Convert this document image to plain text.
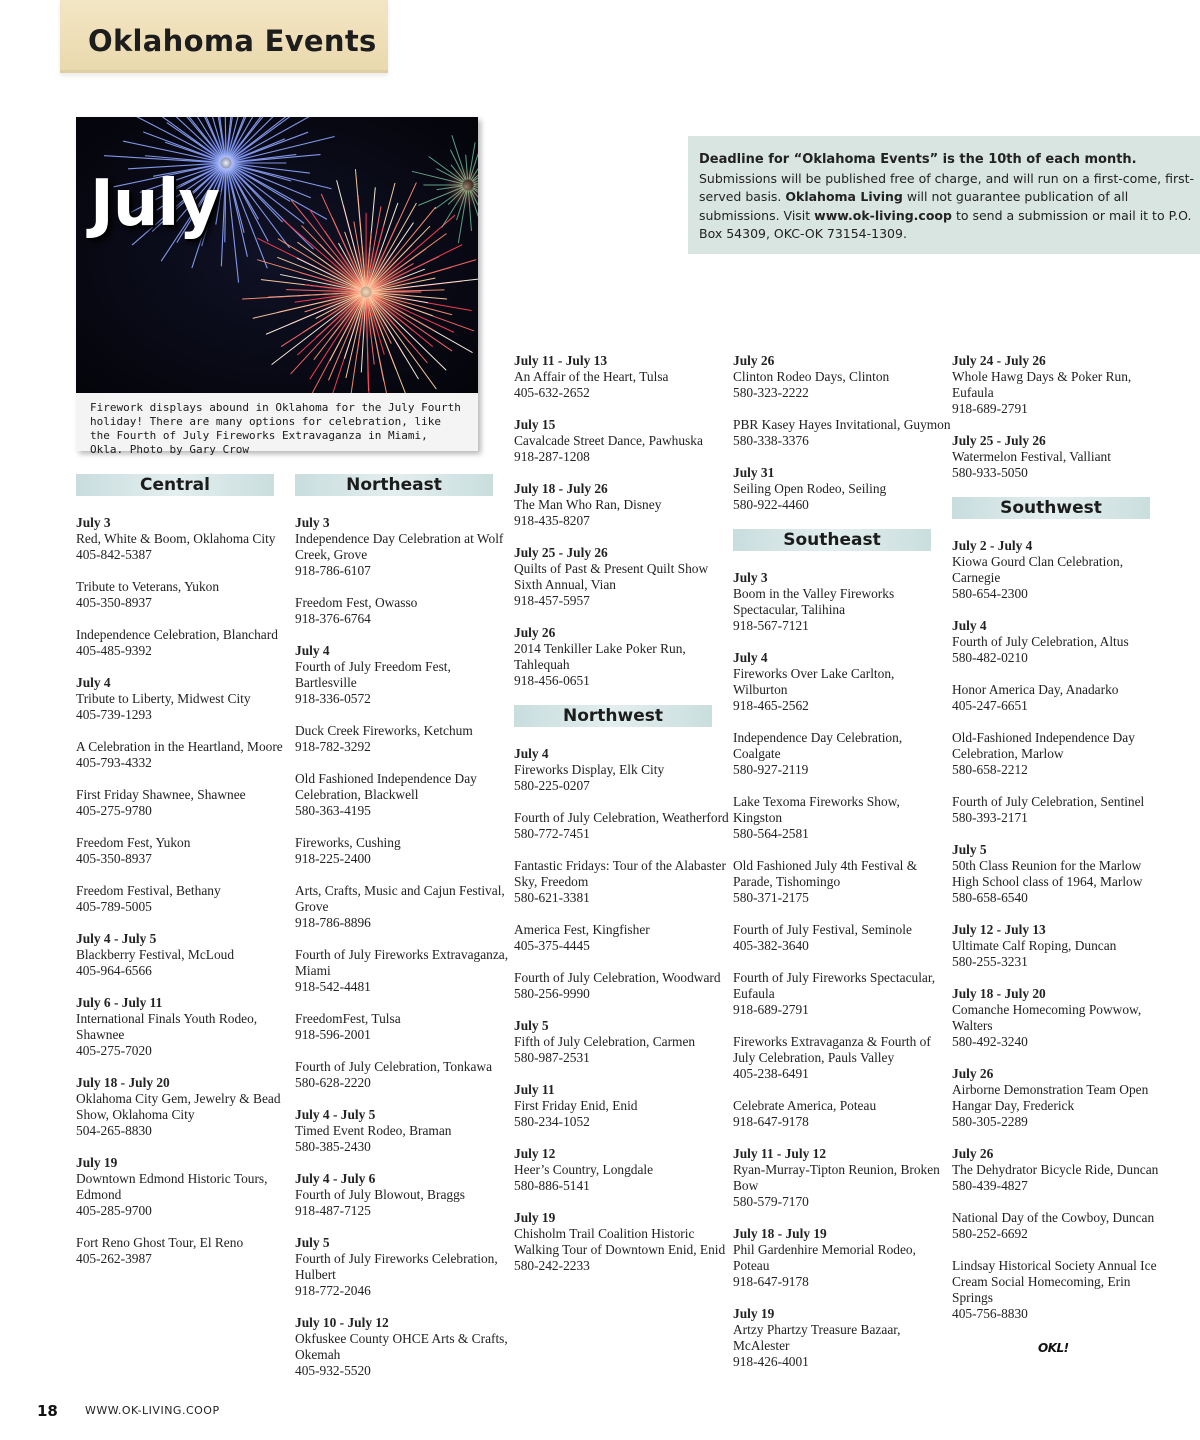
Oklahoma Events
July
Firework displays abound in Oklahoma for the July Fourth holiday! There are many options for celebration, like the Fourth of July Fireworks Extravaganza in Miami, Okla. Photo by Gary Crow
Deadline for “Oklahoma Events” is the 10th of each month.
Submissions will be published free of charge, and will run on a first-come, first-served basis. Oklahoma Living will not guarantee publication of all submissions. Visit www.ok-living.coop to send a submission or mail it to P.O. Box 54309, OKC-OK 73154-1309.
Central
July 3
Red, White & Boom, Oklahoma City
405-842-5387
Tribute to Veterans, Yukon
405-350-8937
Independence Celebration, Blanchard
405-485-9392
July 4
Tribute to Liberty, Midwest City
405-739-1293
A Celebration in the Heartland, Moore
405-793-4332
First Friday Shawnee, Shawnee
405-275-9780
Freedom Fest, Yukon
405-350-8937
Freedom Festival, Bethany
405-789-5005
July 4 - July 5
Blackberry Festival, McLoud
405-964-6566
July 6 - July 11
International Finals Youth Rodeo, Shawnee
405-275-7020
July 18 - July 20
Oklahoma City Gem, Jewelry & Bead Show, Oklahoma City
504-265-8830
July 19
Downtown Edmond Historic Tours, Edmond
405-285-9700
Fort Reno Ghost Tour, El Reno
405-262-3987
Northeast
July 3
Independence Day Celebration at Wolf Creek, Grove
918-786-6107
Freedom Fest, Owasso
918-376-6764
July 4
Fourth of July Freedom Fest, Bartlesville
918-336-0572
Duck Creek Fireworks, Ketchum
918-782-3292
Old Fashioned Independence Day Celebration, Blackwell
580-363-4195
Fireworks, Cushing
918-225-2400
Arts, Crafts, Music and Cajun Festival, Grove
918-786-8896
Fourth of July Fireworks Extravaganza, Miami
918-542-4481
FreedomFest, Tulsa
918-596-2001
Fourth of July Celebration, Tonkawa
580-628-2220
July 4 - July 5
Timed Event Rodeo, Braman
580-385-2430
July 4 - July 6
Fourth of July Blowout, Braggs
918-487-7125
July 5
Fourth of July Fireworks Celebration, Hulbert
918-772-2046
July 10 - July 12
Okfuskee County OHCE Arts & Crafts, Okemah
405-932-5520
July 11 - July 13
An Affair of the Heart, Tulsa
405-632-2652
July 15
Cavalcade Street Dance, Pawhuska
918-287-1208
July 18 - July 26
The Man Who Ran, Disney
918-435-8207
July 25 - July 26
Quilts of Past & Present Quilt Show Sixth Annual, Vian
918-457-5957
July 26
2014 Tenkiller Lake Poker Run, Tahlequah
918-456-0651
Northwest
July 4
Fireworks Display, Elk City
580-225-0207
Fourth of July Celebration, Weatherford
580-772-7451
Fantastic Fridays: Tour of the Alabaster Sky, Freedom
580-621-3381
America Fest, Kingfisher
405-375-4445
Fourth of July Celebration, Woodward
580-256-9990
July 5
Fifth of July Celebration, Carmen
580-987-2531
July 11
First Friday Enid, Enid
580-234-1052
July 12
Heer’s Country, Longdale
580-886-5141
July 19
Chisholm Trail Coalition Historic Walking Tour of Downtown Enid, Enid
580-242-2233
July 26
Clinton Rodeo Days, Clinton
580-323-2222
PBR Kasey Hayes Invitational, Guymon
580-338-3376
July 31
Seiling Open Rodeo, Seiling
580-922-4460
Southeast
July 3
Boom in the Valley Fireworks Spectacular, Talihina
918-567-7121
July 4
Fireworks Over Lake Carlton, Wilburton
918-465-2562
Independence Day Celebration, Coalgate
580-927-2119
Lake Texoma Fireworks Show, Kingston
580-564-2581
Old Fashioned July 4th Festival & Parade, Tishomingo
580-371-2175
Fourth of July Festival, Seminole
405-382-3640
Fourth of July Fireworks Spectacular, Eufaula
918-689-2791
Fireworks Extravaganza & Fourth of July Celebration, Pauls Valley
405-238-6491
Celebrate America, Poteau
918-647-9178
July 11 - July 12
Ryan-Murray-Tipton Reunion, Broken Bow
580-579-7170
July 18 - July 19
Phil Gardenhire Memorial Rodeo, Poteau
918-647-9178
July 19
Artzy Phartzy Treasure Bazaar, McAlester
918-426-4001
July 24 - July 26
Whole Hawg Days & Poker Run, Eufaula
918-689-2791
July 25 - July 26
Watermelon Festival, Valliant
580-933-5050
Southwest
July 2 - July 4
Kiowa Gourd Clan Celebration, Carnegie
580-654-2300
July 4
Fourth of July Celebration, Altus
580-482-0210
Honor America Day, Anadarko
405-247-6651
Old-Fashioned Independence Day Celebration, Marlow
580-658-2212
Fourth of July Celebration, Sentinel
580-393-2171
July 5
50th Class Reunion for the Marlow High School class of 1964, Marlow
580-658-6540
July 12 - July 13
Ultimate Calf Roping, Duncan
580-255-3231
July 18 - July 20
Comanche Homecoming Powwow, Walters
580-492-3240
July 26
Airborne Demonstration Team Open Hangar Day, Frederick
580-305-2289
July 26
The Dehydrator Bicycle Ride, Duncan
580-439-4827
National Day of the Cowboy, Duncan
580-252-6692
Lindsay Historical Society Annual Ice Cream Social Homecoming, Erin Springs
405-756-8830
18 WWW.OK-LIVING.COOP
OKL!
